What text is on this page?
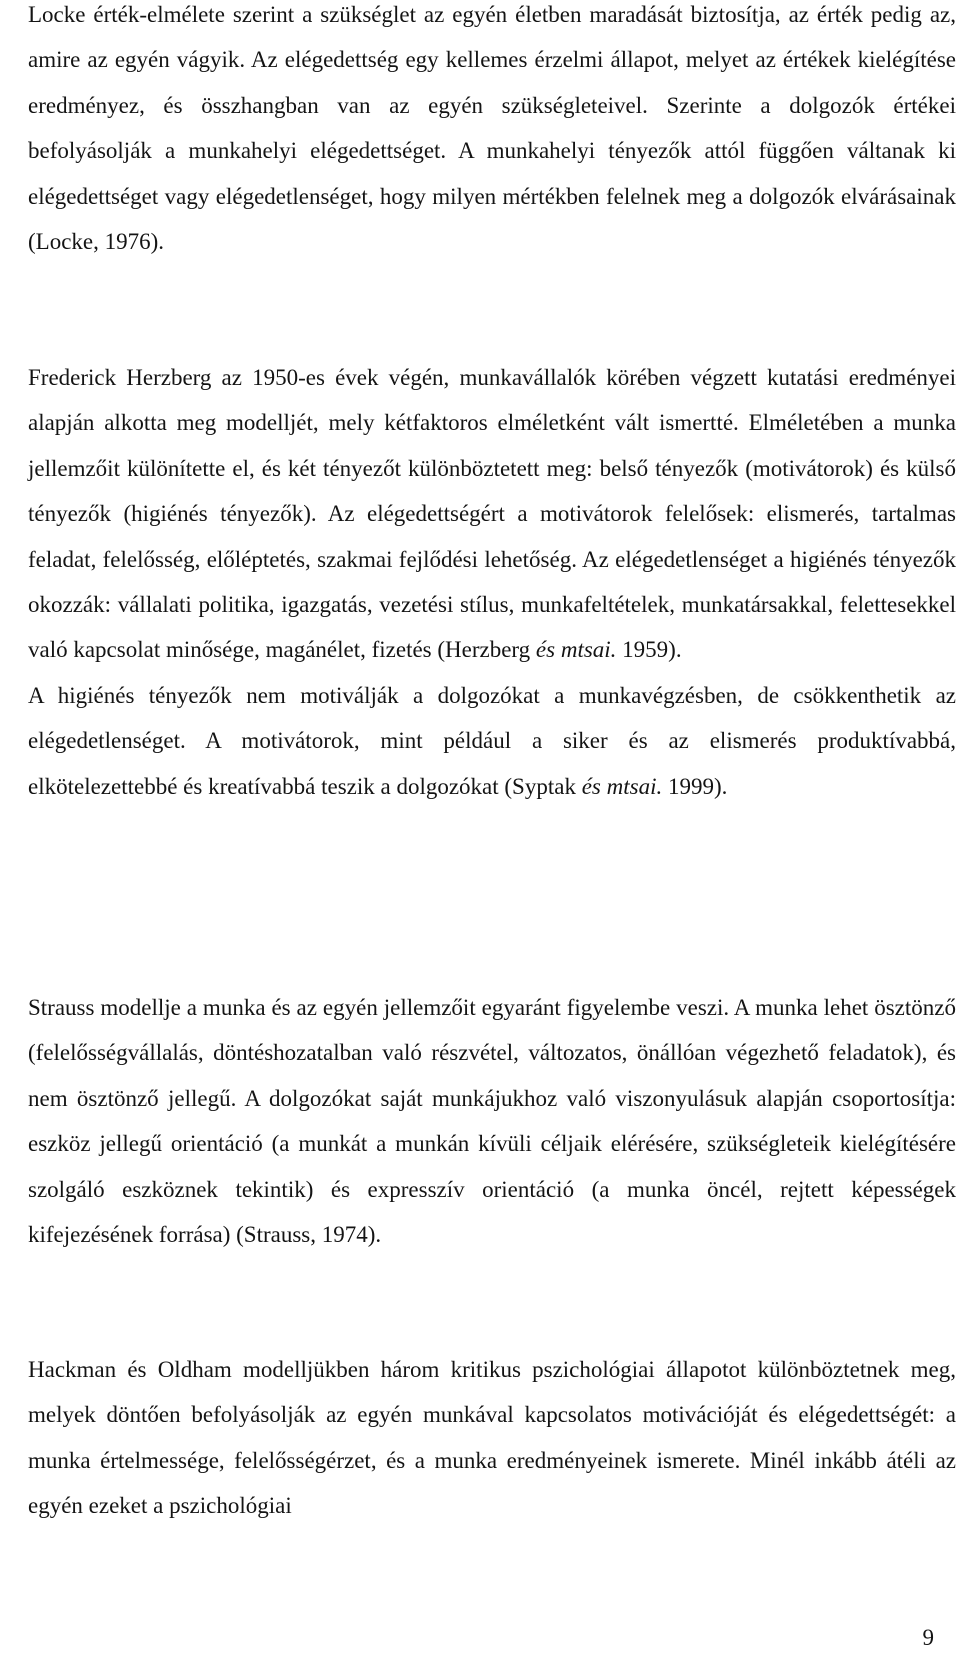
Locke érték-elmélete szerint a szükséglet az egyén életben maradását biztosítja, az érték pedig az, amire az egyén vágyik. Az elégedettség egy kellemes érzelmi állapot, melyet az értékek kielégítése eredményez, és összhangban van az egyén szükségleteivel. Szerinte a dolgozók értékei befolyásolják a munkahelyi elégedettséget. A munkahelyi tényezők attól függően váltanak ki elégedettséget vagy elégedetlenséget, hogy milyen mértékben felelnek meg a dolgozók elvárásainak (Locke, 1976).

Frederick Herzberg az 1950-es évek végén, munkavállalók körében végzett kutatási eredményei alapján alkotta meg modelljét, mely kétfaktoros elméletként vált ismertté. Elméletében a munka jellemzőit különítette el, és két tényezőt különböztetett meg: belső tényezők (motivátorok) és külső tényezők (higiénés tényezők). Az elégedettségért a motivátorok felelősek: elismerés, tartalmas feladat, felelősség, előléptetés, szakmai fejlődési lehetőség. Az elégedetlenséget a higiénés tényezők okozzák: vállalati politika, igazgatás, vezetési stílus, munkafeltételek, munkatársakkal, felettesekkel való kapcsolat minősége, magánélet, fizetés (Herzberg és mtsai. 1959).
A higiénés tényezők nem motiválják a dolgozókat a munkavégzésben, de csökkenthetik az elégedetlenséget. A motivátorok, mint például a siker és az elismerés produktívabbá, elkötelezettebbé és kreatívabbá teszik a dolgozókat (Syptak és mtsai. 1999).

Strauss modellje a munka és az egyén jellemzőit egyaránt figyelembe veszi. A munka lehet ösztönző (felelősségvállalás, döntéshozatalban való részvétel, változatos, önállóan végezhető feladatok), és nem ösztönző jellegű. A dolgozókat saját munkájukhoz való viszonyulásuk alapján csoportosítja: eszköz jellegű orientáció (a munkát a munkán kívüli céljaik elérésére, szükségleteik kielégítésére szolgáló eszköznek tekintik) és expresszív orientáció (a munka öncél, rejtett képességek kifejezésének forrása) (Strauss, 1974).

Hackman és Oldham modelljükben három kritikus pszichológiai állapotot különböztetnek meg, melyek döntően befolyásolják az egyén munkával kapcsolatos motivációját és elégedettségét: a munka értelmessége, felelősségérzet, és a munka eredményeinek ismerete. Minél inkább átéli az egyén ezeket a pszichológiai

9
